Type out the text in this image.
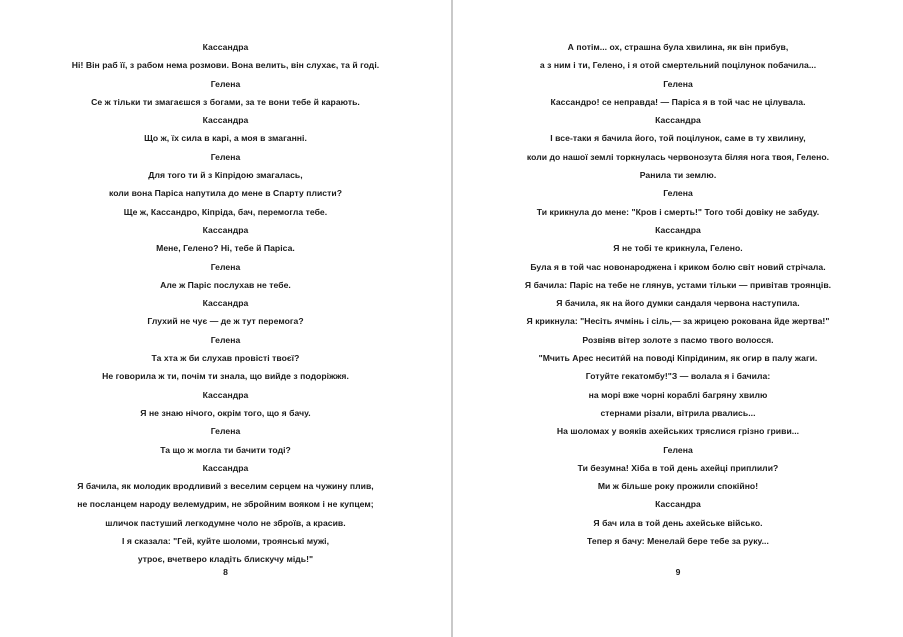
Кассандра
Ні! Він раб її, з рабом нема розмови. Вона велить, він слухає, та й годі.
Гелена
Се ж тільки ти змагаєшся з богами, за те вони тебе й карають.
Кассандра
Що ж, їх сила в карі, а моя в змаганні.
Гелена
Для того ти й з Кіпрідою змагалась,
коли вона Паріса напутила до мене в Спарту плисти?
Ще ж, Кассандро, Кіпріда, бач, перемогла тебе.
Кассандра
Мене, Гелено? Ні, тебе й Паріса.
Гелена
Але ж Паріс послухав не тебе.
Кассандра
Глухий не чує — де ж тут перемога?
Гелена
Та хта ж би слухав провісті твоєї?
Не говорила ж ти, почім ти знала, що вийде з подоріжжя.
Кассандра
Я не знаю нічого, окрім того, що я бачу.
Гелена
Та що ж могла ти бачити тоді?
Кассандра
Я бачила, як молодик вродливий з веселим серцем на чужину плив,
не посланцем народу велемудрим, не збройним вояком і не купцем;
шличок пастуший легкодумне чоло не зброїв, а красив.
І я сказала: "Гей, куйте шоломи, троянські мужі,
утроє, вчетверо кладіть блискучу мідь!"
8
А потім... ох, страшна була хвилина, як він прибув,
а з ним і ти, Гелено, і я отой смертельний поцілунок побачила...
Гелена
Кассандро! се неправда! — Паріса я в той час не цілувала.
Кассандра
І все-таки я бачила його, той поцілунок, саме в ту хвилину,
коли до нашої землі торкнулась червонозута біляя нога твоя, Гелено.
Ранила ти землю.
Гелена
Ти крикнула до мене: "Кров і смерть!" Того тобі довіку не забуду.
Кассандра
Я не тобі те крикнула, Гелено.
Була я в той час новонароджена і криком болю світ новий стрічала.
Я бачила: Паріс на тебе не глянув, устами тільки — привітав троянців.
Я бачила, як на його думки сандаля червона наступила.
Я крикнула: "Несіть ячмінь і сіль,— за жрицею рокована йде жертва!"
Розвіяв вітер золоте з пасмо твого волосся.
"Мчить Арес несити́й на поводі Кіпрідиним, як огир в палу жаги.
Готуйте гекатомбу!"З — волала я і бачила:
на морі вже чорні кораблі багряну хвилю
стернами різали, вітрила рвались...
На шоломах у вояків ахейських тряслися грізно гриви...
Гелена
Ти безумна! Хіба в той день ахейці приплили?
Ми ж більше року прожили спокійно!
Кассандра
Я бач ила в той день ахейське військо.
Тепер я бачу: Менелай бере тебе за руку...
9
